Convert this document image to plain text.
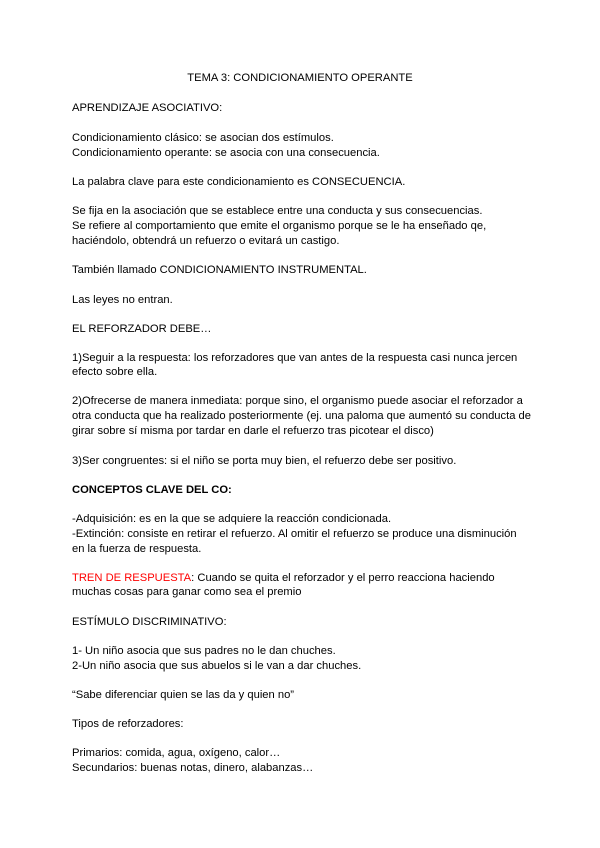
TEMA 3: CONDICIONAMIENTO OPERANTE
APRENDIZAJE ASOCIATIVO:
Condicionamiento clásico: se asocian dos estímulos.
Condicionamiento operante: se asocia con una consecuencia.
La palabra clave para este condicionamiento es CONSECUENCIA.
Se fija en la asociación que se establece entre una conducta y sus consecuencias.
Se refiere al comportamiento que emite el organismo porque se le ha enseñado qe,
haciéndolo, obtendrá un refuerzo o evitará un castigo.
También llamado CONDICIONAMIENTO INSTRUMENTAL.
Las leyes no entran.
EL REFORZADOR DEBE…
1)Seguir a la respuesta: los reforzadores que van antes de la respuesta casi nunca jercen
efecto sobre ella.
2)Ofrecerse de manera inmediata: porque sino, el organismo puede asociar el reforzador a
otra conducta que ha realizado posteriormente (ej. una paloma que aumentó su conducta de
girar sobre sí misma por tardar en darle el refuerzo tras picotear el disco)
3)Ser congruentes: si el niño se porta muy bien, el refuerzo debe ser positivo.
CONCEPTOS CLAVE DEL CO:
-Adquisición: es en la que se adquiere la reacción condicionada.
-Extinción: consiste en retirar el refuerzo. Al omitir el refuerzo se produce una disminución
en la fuerza de respuesta.
TREN DE RESPUESTA: Cuando se quita el reforzador y el perro reacciona haciendo
muchas cosas para ganar como sea el premio
ESTÍMULO DISCRIMINATIVO:
1- Un niño asocia que sus padres no le dan chuches.
2-Un niño asocia que sus abuelos si le van a dar chuches.
“Sabe diferenciar quien se las da y quien no”
Tipos de reforzadores:
Primarios: comida, agua, oxígeno, calor…
Secundarios: buenas notas, dinero, alabanzas…
